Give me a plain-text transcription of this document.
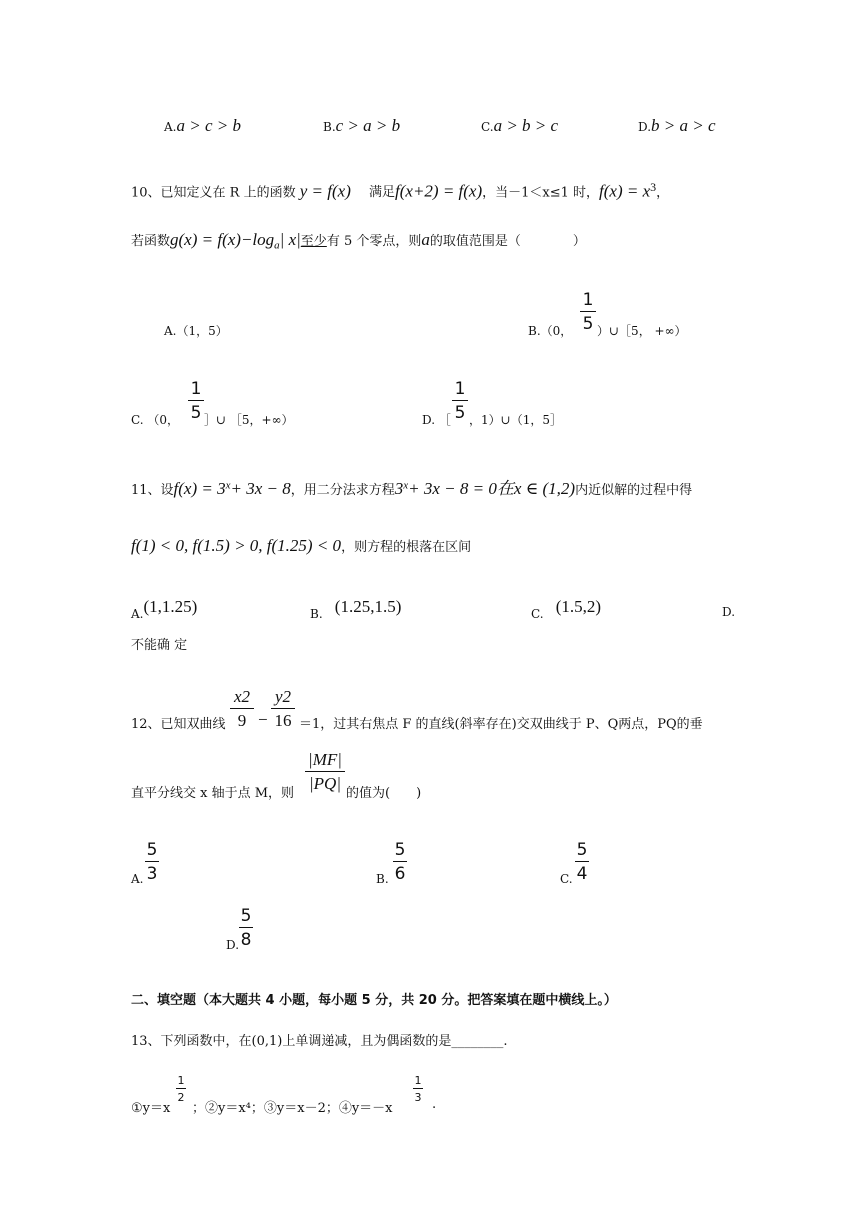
A.a > c > b	B.c > a > b	C.a > b > c	D.b > a > c
10、已知定义在 R 上的函数 y = f(x) 满足f(x+2) = f(x)，当－1＜x≤1 时，$f(x) = x^3$，
若函数$g(x) = f(x)-\log_a|$ x|至少有 5 个零点，则a的取值范围是（　　　　）
A.（1，5）	B.（0，
1
5 ）∪［5， +∞）
C. （0，
1
5 ］∪ ［5，+∞）	D. ［
1
5 ，1）∪（1，5］
11、设$f(x) = 3^x+ 3x - 8$，用二分法求方程$3^x+ 3x - 8 = 0$在x ∈ (1,2)内近似解的过程中得
f(1) < 0, f(1.5) > 0, f(1.25) < 0，则方程的根落在区间
A.(1,1.25)	B. (1.25,1.5)	C. (1.5,2)	D.
不能确 定
x2
9 −
y2
16
12、已知双曲线	＝1，过其右焦点 F 的直线(斜率存在)交双曲线于 P、Q两点，PQ的垂
直平分线交 x 轴于点 M，则
|MF|
|PQ|
的值为(　　)
A.
5
3	B.
5
6	C.
5
4
D.
5
8
二、填空题（本大题共 4 小题，每小题 5 分，共 20 分。把答案填在题中横线上。）
13、下列函数中，在(0,1)上单调递减，且为偶函数的是________.
①y＝x
1
2
；②y＝x⁴；③y＝x－2；④y＝－x
1
3 .
